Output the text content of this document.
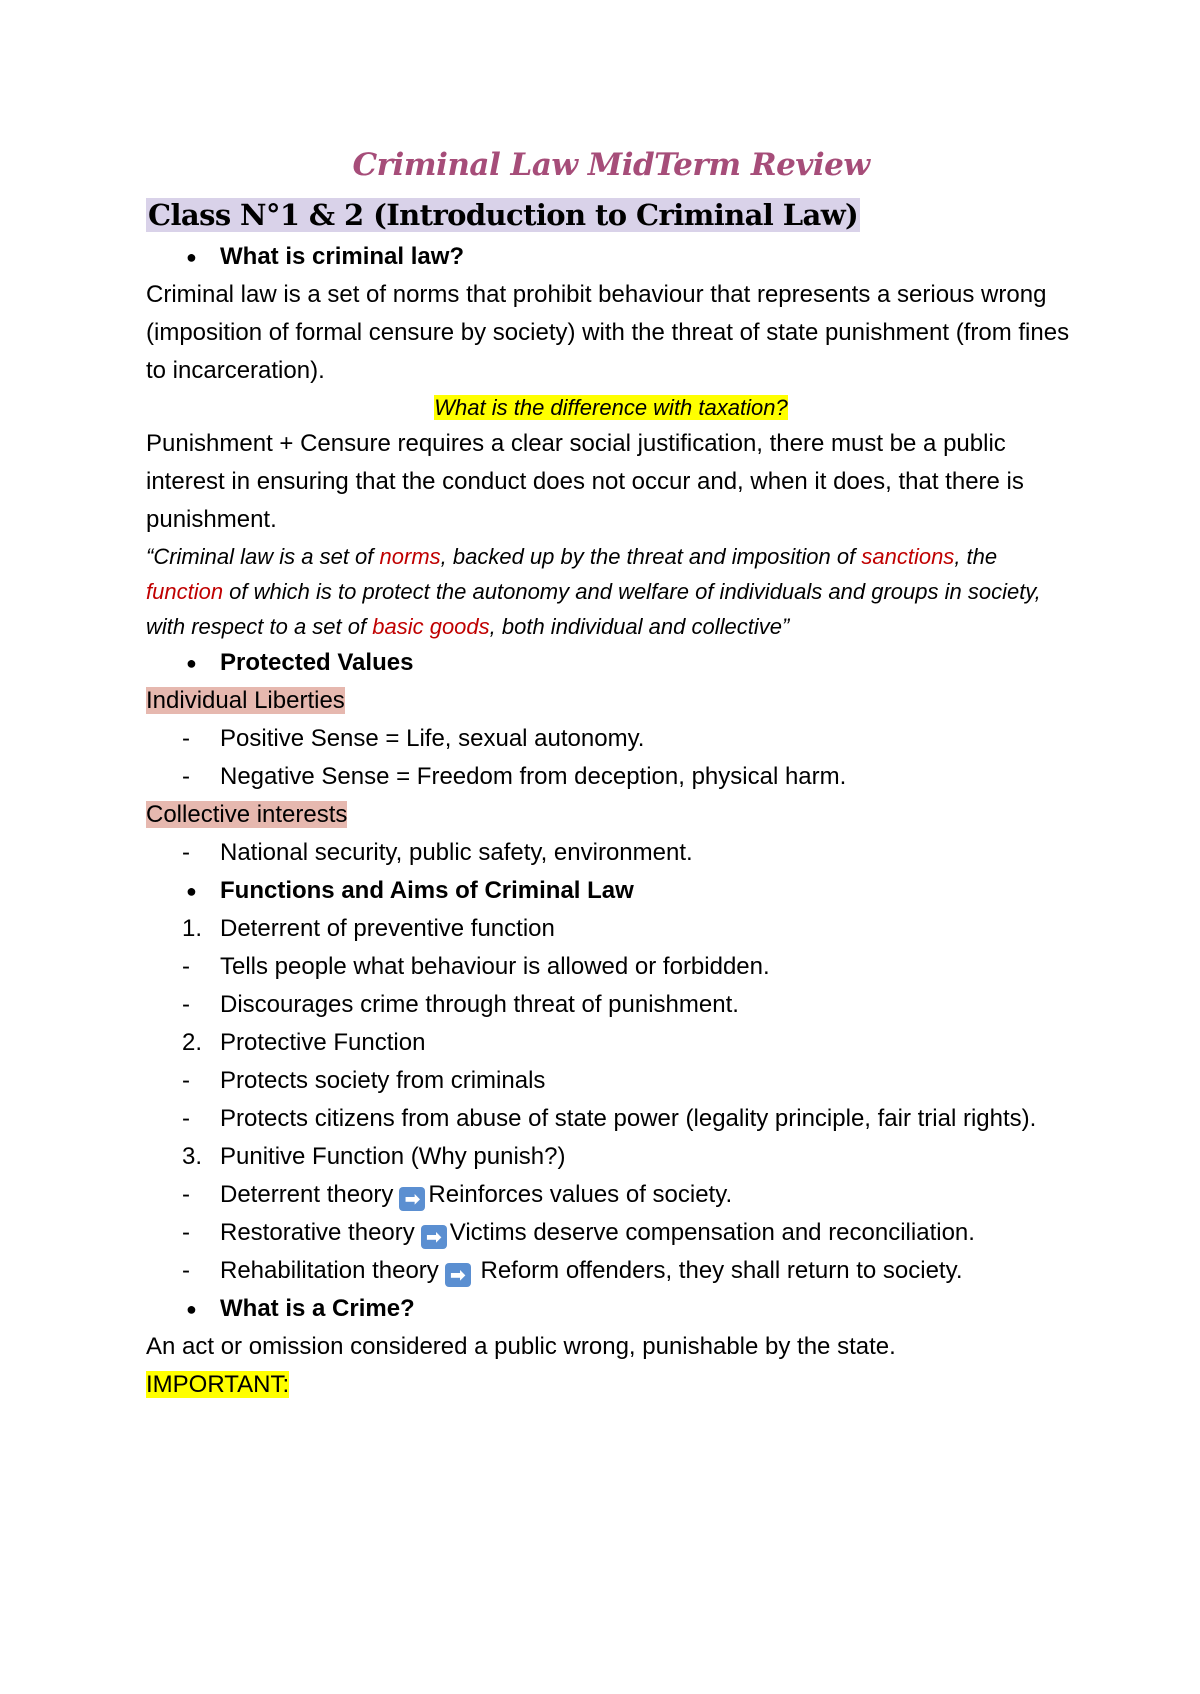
Criminal Law MidTerm Review
Class N°1 & 2 (Introduction to Criminal Law)
● What is criminal law?

Criminal law is a set of norms that prohibit behaviour that represents a serious wrong (imposition of formal censure by society) with the threat of state punishment (from fines to incarceration).

What is the difference with taxation?

Punishment + Censure requires a clear social justification, there must be a public interest in ensuring that the conduct does not occur and, when it does, that there is punishment.

“Criminal law is a set of norms, backed up by the threat and imposition of sanctions, the function of which is to protect the autonomy and welfare of individuals and groups in society, with respect to a set of basic goods, both individual and collective”

● Protected Values

Individual Liberties

-	Positive Sense = Life, sexual autonomy.
-	Negative Sense = Freedom from deception, physical harm.

Collective interests

-	National security, public safety, environment.
● Functions and Aims of Criminal Law
1. Deterrent of preventive function
-	Tells people what behaviour is allowed or forbidden.
-	Discourages crime through threat of punishment.
2. Protective Function
-	Protects society from criminals
-	Protects citizens from abuse of state power (legality principle, fair trial rights).
3. Punitive Function (Why punish?)
-	Deterrent theory ➡ Reinforces values of society.
-	Restorative theory ➡ Victims deserve compensation and reconciliation.
-	Rehabilitation theory ➡ Reform offenders, they shall return to society.
● What is a Crime?

An act or omission considered a public wrong, punishable by the state.

IMPORTANT:
